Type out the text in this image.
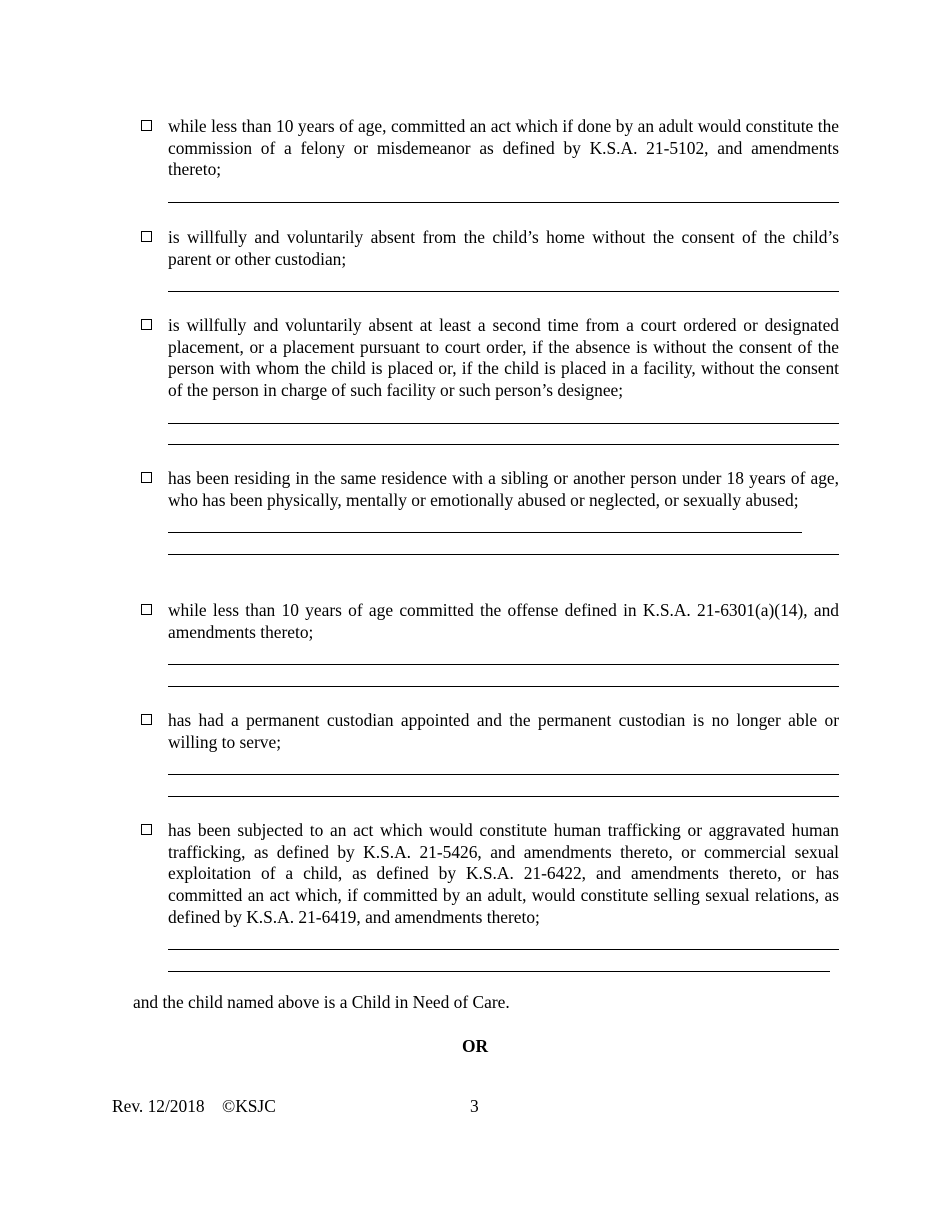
while less than 10 years of age, committed an act which if done by an adult would constitute the commission of a felony or misdemeanor as defined by K.S.A. 21-5102, and amendments thereto;
is willfully and voluntarily absent from the child’s home without the consent of the child’s parent or other custodian;
is willfully and voluntarily absent at least a second time from a court ordered or designated placement, or a placement pursuant to court order, if the absence is without the consent of the person with whom the child is placed or, if the child is placed in a facility, without the consent of the person in charge of such facility or such person’s designee;
has been residing in the same residence with a sibling or another person under 18 years of age, who has been physically, mentally or emotionally abused or neglected, or sexually abused;
while less than 10 years of age committed the offense defined in K.S.A. 21-6301(a)(14), and amendments thereto;
has had a permanent custodian appointed and the permanent custodian is no longer able or willing to serve;
has been subjected to an act which would constitute human trafficking or aggravated human trafficking, as defined by K.S.A. 21-5426, and amendments thereto, or commercial sexual exploitation of a child, as defined by K.S.A. 21-6422, and amendments thereto, or has committed an act which, if committed by an adult, would constitute selling sexual relations, as defined by K.S.A. 21-6419, and amendments thereto;
and the child named above is a Child in Need of Care.
OR
Rev. 12/2018 ©KSJC	3
